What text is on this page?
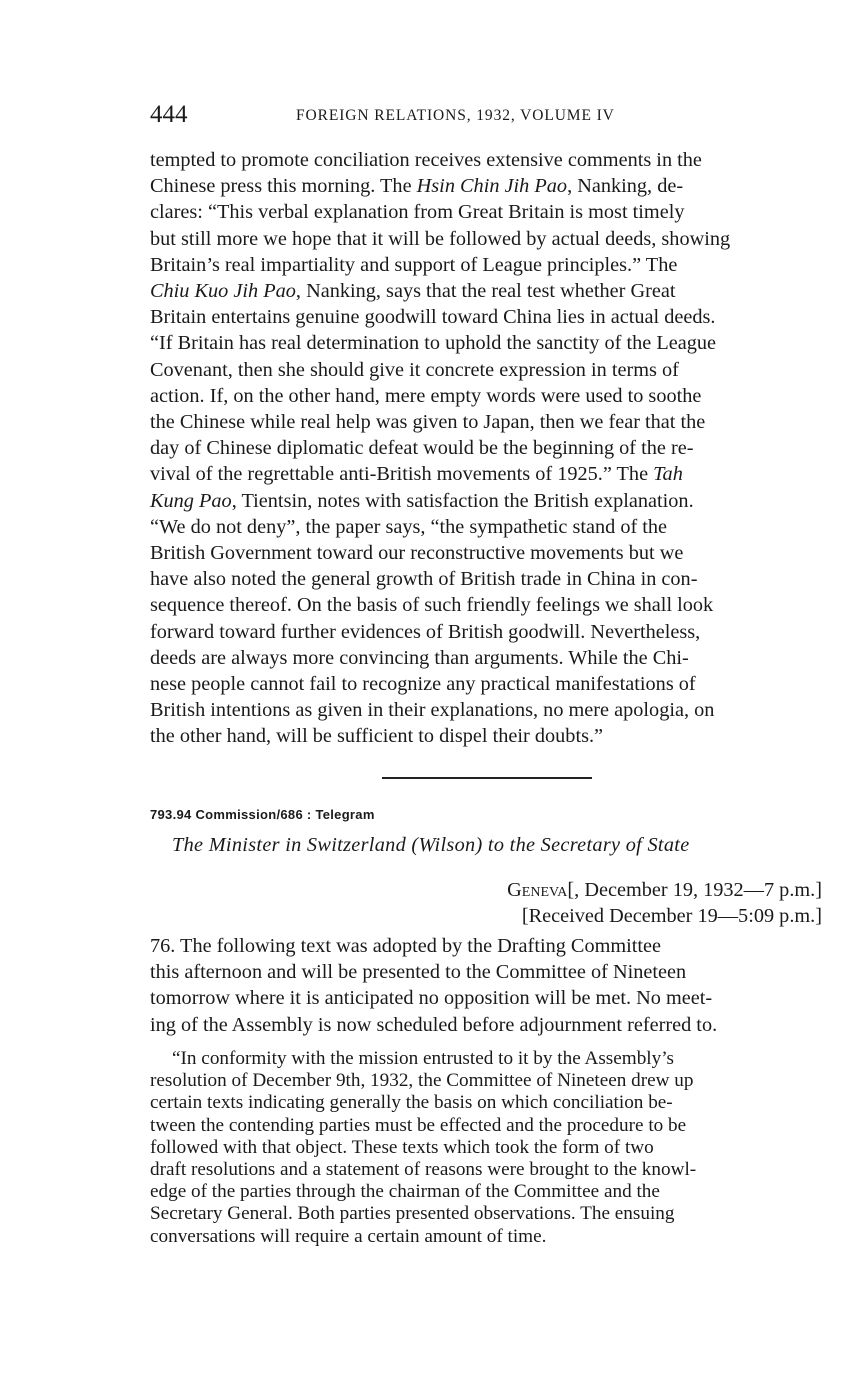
444	FOREIGN RELATIONS, 1932, VOLUME IV

tempted to promote conciliation receives extensive comments in the
Chinese press this morning. The Hsin Chin Jih Pao, Nanking, de-
clares: “This verbal explanation from Great Britain is most timely
but still more we hope that it will be followed by actual deeds, showing
Britain’s real impartiality and support of League principles.” The
Chiu Kuo Jih Pao, Nanking, says that the real test whether Great
Britain entertains genuine goodwill toward China lies in actual deeds.
“If Britain has real determination to uphold the sanctity of the League
Covenant, then she should give it concrete expression in terms of
action. If, on the other hand, mere empty words were used to soothe
the Chinese while real help was given to Japan, then we fear that the
day of Chinese diplomatic defeat would be the beginning of the re-
vival of the regrettable anti-British movements of 1925.” The Tah
Kung Pao, Tientsin, notes with satisfaction the British explanation.
“We do not deny”, the paper says, “the sympathetic stand of the
British Government toward our reconstructive movements but we
have also noted the general growth of British trade in China in con-
sequence thereof. On the basis of such friendly feelings we shall look
forward toward further evidences of British goodwill. Nevertheless,
deeds are always more convincing than arguments. While the Chi-
nese people cannot fail to recognize any practical manifestations of
British intentions as given in their explanations, no mere apologia, on
the other hand, will be sufficient to dispel their doubts.”

793.94 Commission/686 : Telegram
The Minister in Switzerland (Wilson) to the Secretary of State
Geneva[, December 19, 1932—7 p.m.]
[Received December 19—5:09 p.m.]

76. The following text was adopted by the Drafting Committee
this afternoon and will be presented to the Committee of Nineteen
tomorrow where it is anticipated no opposition will be met. No meet-
ing of the Assembly is now scheduled before adjournment referred to.

“In conformity with the mission entrusted to it by the Assembly’s
resolution of December 9th, 1932, the Committee of Nineteen drew up
certain texts indicating generally the basis on which conciliation be-
tween the contending parties must be effected and the procedure to be
followed with that object. These texts which took the form of two
draft resolutions and a statement of reasons were brought to the knowl-
edge of the parties through the chairman of the Committee and the
Secretary General. Both parties presented observations. The ensuing
conversations will require a certain amount of time.
